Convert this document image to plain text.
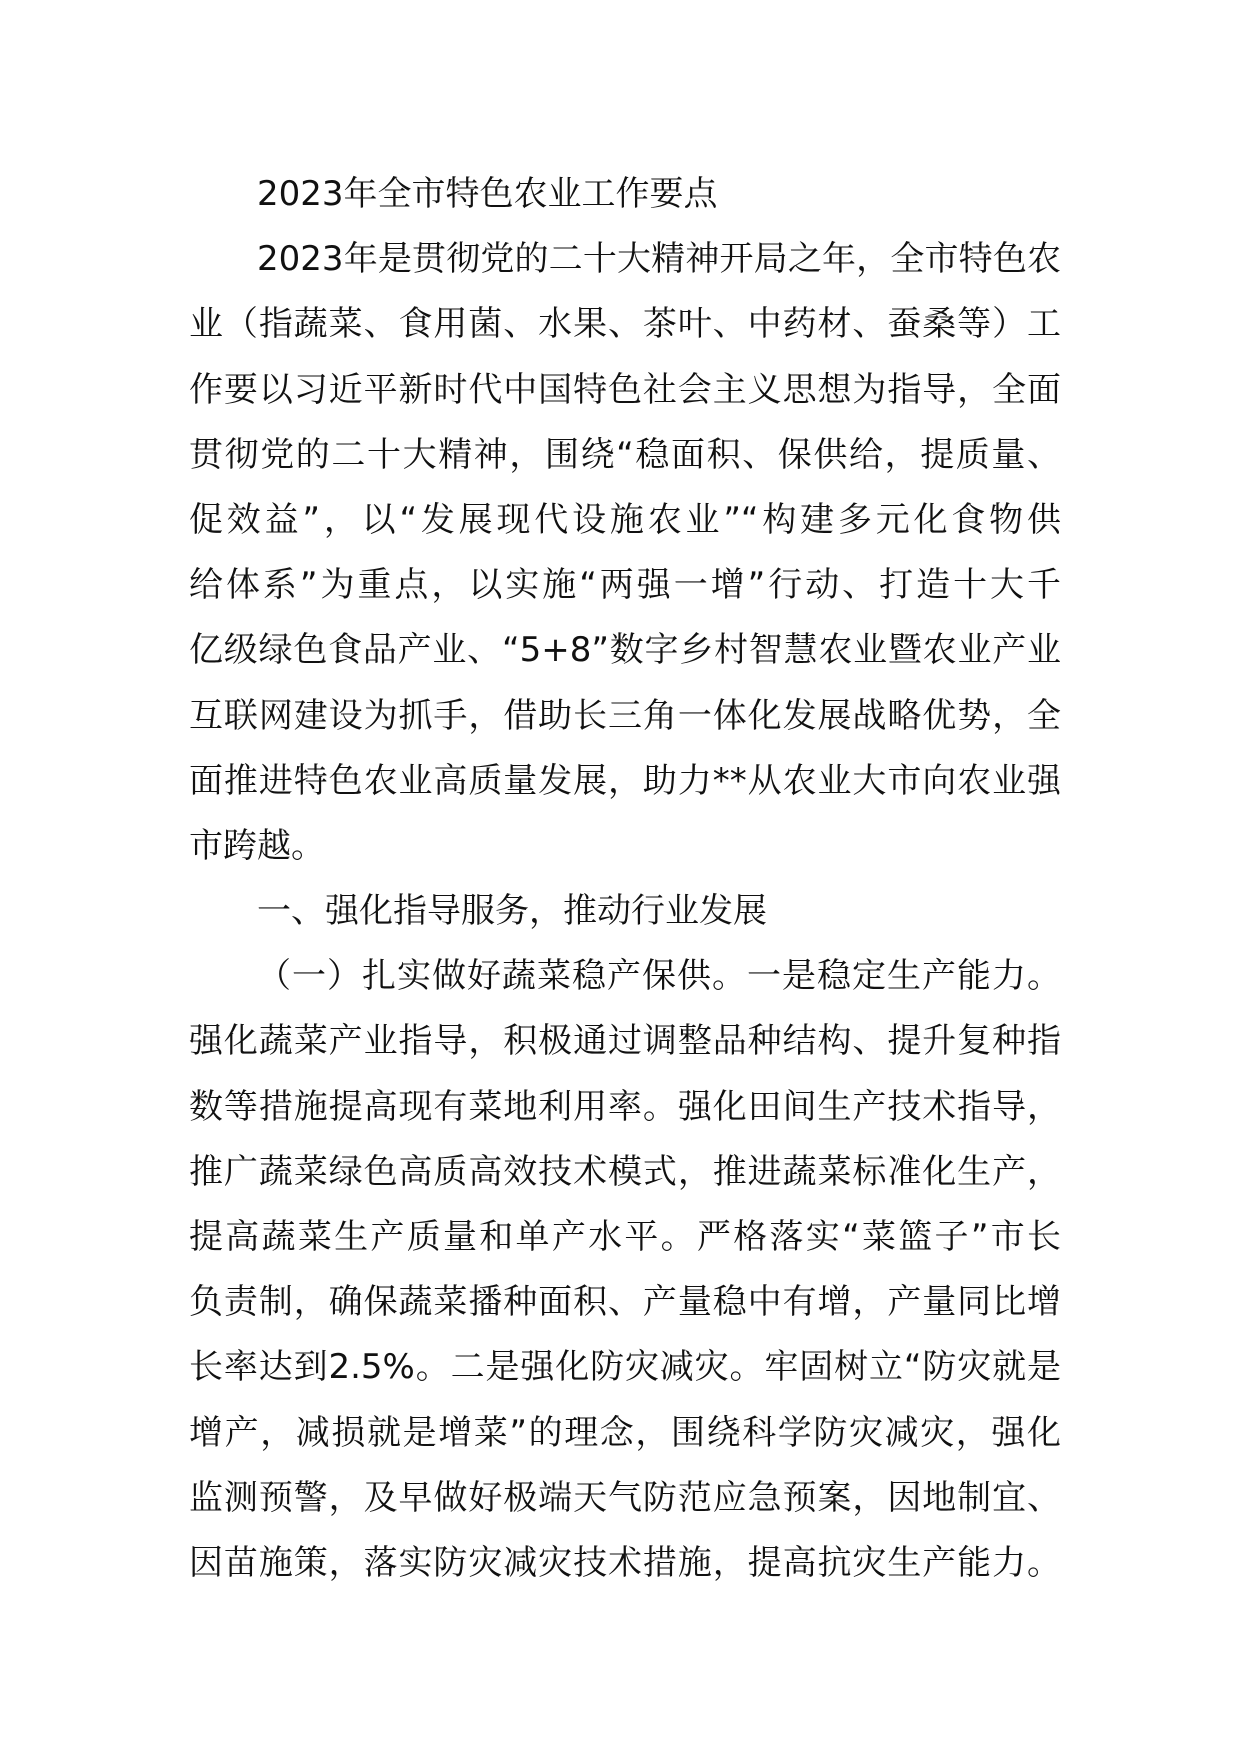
2023年全市特色农业工作要点
2023年是贯彻党的二十大精神开局之年，全市特色农
业（指蔬菜、食用菌、水果、茶叶、中药材、蚕桑等）工
作要以习近平新时代中国特色社会主义思想为指导，全面
贯彻党的二十大精神，围绕“稳面积、保供给，提质量、
促效益”，以“发展现代设施农业”“构建多元化食物供
给体系”为重点，以实施“两强一增”行动、打造十大千
亿级绿色食品产业、“5+8”数字乡村智慧农业暨农业产业
互联网建设为抓手，借助长三角一体化发展战略优势，全
面推进特色农业高质量发展，助力**从农业大市向农业强
市跨越。
一、强化指导服务，推动行业发展
（一）扎实做好蔬菜稳产保供。一是稳定生产能力。
强化蔬菜产业指导，积极通过调整品种结构、提升复种指
数等措施提高现有菜地利用率。强化田间生产技术指导，
推广蔬菜绿色高质高效技术模式，推进蔬菜标准化生产，
提高蔬菜生产质量和单产水平。严格落实“菜篮子”市长
负责制，确保蔬菜播种面积、产量稳中有增，产量同比增
长率达到2.5%。二是强化防灾减灾。牢固树立“防灾就是
增产，减损就是增菜”的理念，围绕科学防灾减灾，强化
监测预警，及早做好极端天气防范应急预案，因地制宜、
因苗施策，落实防灾减灾技术措施，提高抗灾生产能力。
